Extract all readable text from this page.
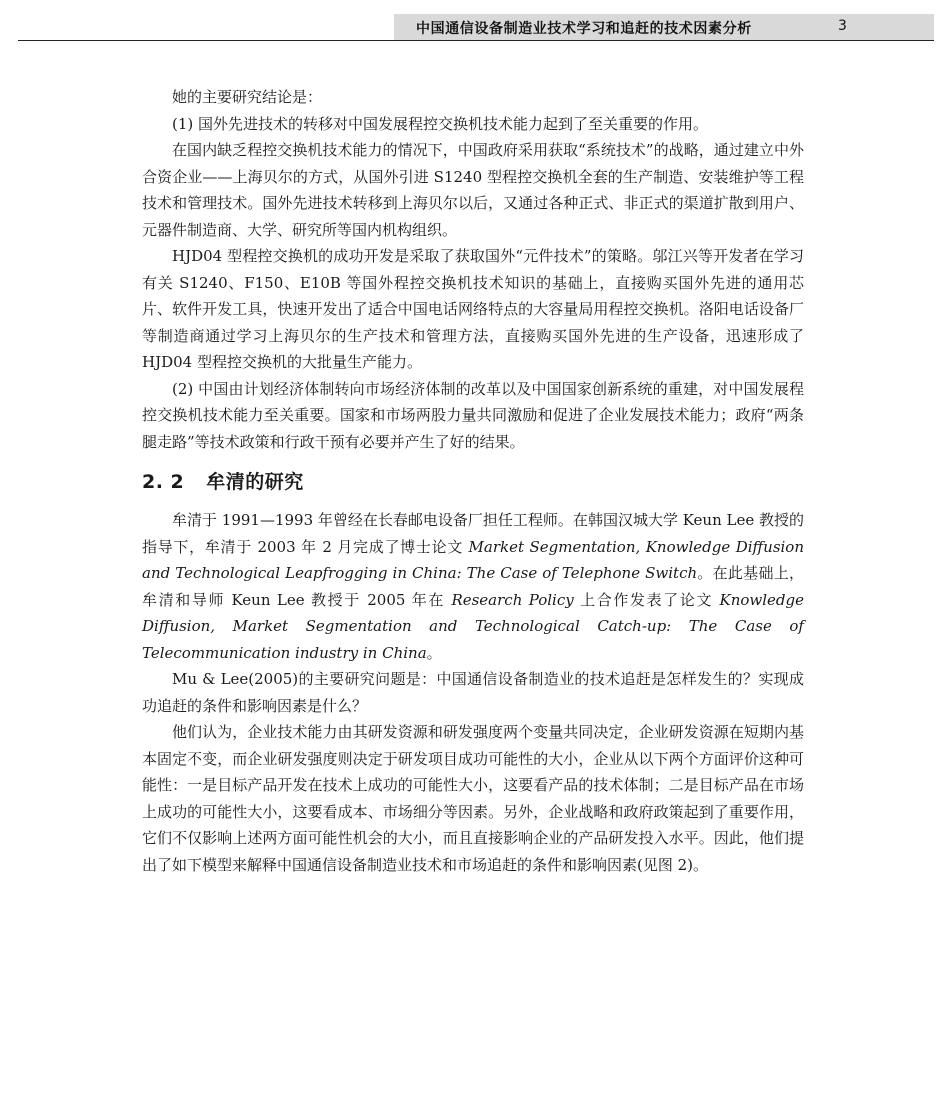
中国通信设备制造业技术学习和追赶的技术因素分析	3

她的主要研究结论是：

(1) 国外先进技术的转移对中国发展程控交换机技术能力起到了至关重要的作用。

在国内缺乏程控交换机技术能力的情况下，中国政府采用获取“系统技术”的战略，通过建立中外合资企业——上海贝尔的方式，从国外引进 S1240 型程控交换机全套的生产制造、安装维护等工程技术和管理技术。国外先进技术转移到上海贝尔以后，又通过各种正式、非正式的渠道扩散到用户、元器件制造商、大学、研究所等国内机构组织。

HJD04 型程控交换机的成功开发是采取了获取国外“元件技术”的策略。邬江兴等开发者在学习有关 S1240、F150、E10B 等国外程控交换机技术知识的基础上，直接购买国外先进的通用芯片、软件开发工具，快速开发出了适合中国电话网络特点的大容量局用程控交换机。洛阳电话设备厂等制造商通过学习上海贝尔的生产技术和管理方法，直接购买国外先进的生产设备，迅速形成了 HJD04 型程控交换机的大批量生产能力。

(2) 中国由计划经济体制转向市场经济体制的改革以及中国国家创新系统的重建，对中国发展程控交换机技术能力至关重要。国家和市场两股力量共同激励和促进了企业发展技术能力；政府“两条腿走路”等技术政策和行政干预有必要并产生了好的结果。

2. 2 牟清的研究

牟清于 1991—1993 年曾经在长春邮电设备厂担任工程师。在韩国汉城大学 Keun Lee 教授的指导下，牟清于 2003 年 2 月完成了博士论文 Market Segmentation, Knowledge Diffusion and Technological Leapfrogging in China: The Case of Telephone Switch。在此基础上，牟清和导师 Keun Lee 教授于 2005 年在 Research Policy 上合作发表了论文 Knowledge Diffusion, Market Segmentation and Technological Catch-up: The Case of Telecommunication industry in China。

Mu & Lee(2005)的主要研究问题是：中国通信设备制造业的技术追赶是怎样发生的？实现成功追赶的条件和影响因素是什么？

他们认为，企业技术能力由其研发资源和研发强度两个变量共同决定，企业研发资源在短期内基本固定不变，而企业研发强度则决定于研发项目成功可能性的大小，企业从以下两个方面评价这种可能性：一是目标产品开发在技术上成功的可能性大小，这要看产品的技术体制；二是目标产品在市场上成功的可能性大小，这要看成本、市场细分等因素。另外，企业战略和政府政策起到了重要作用，它们不仅影响上述两方面可能性机会的大小，而且直接影响企业的产品研发投入水平。因此，他们提出了如下模型来解释中国通信设备制造业技术和市场追赶的条件和影响因素(见图 2)。
